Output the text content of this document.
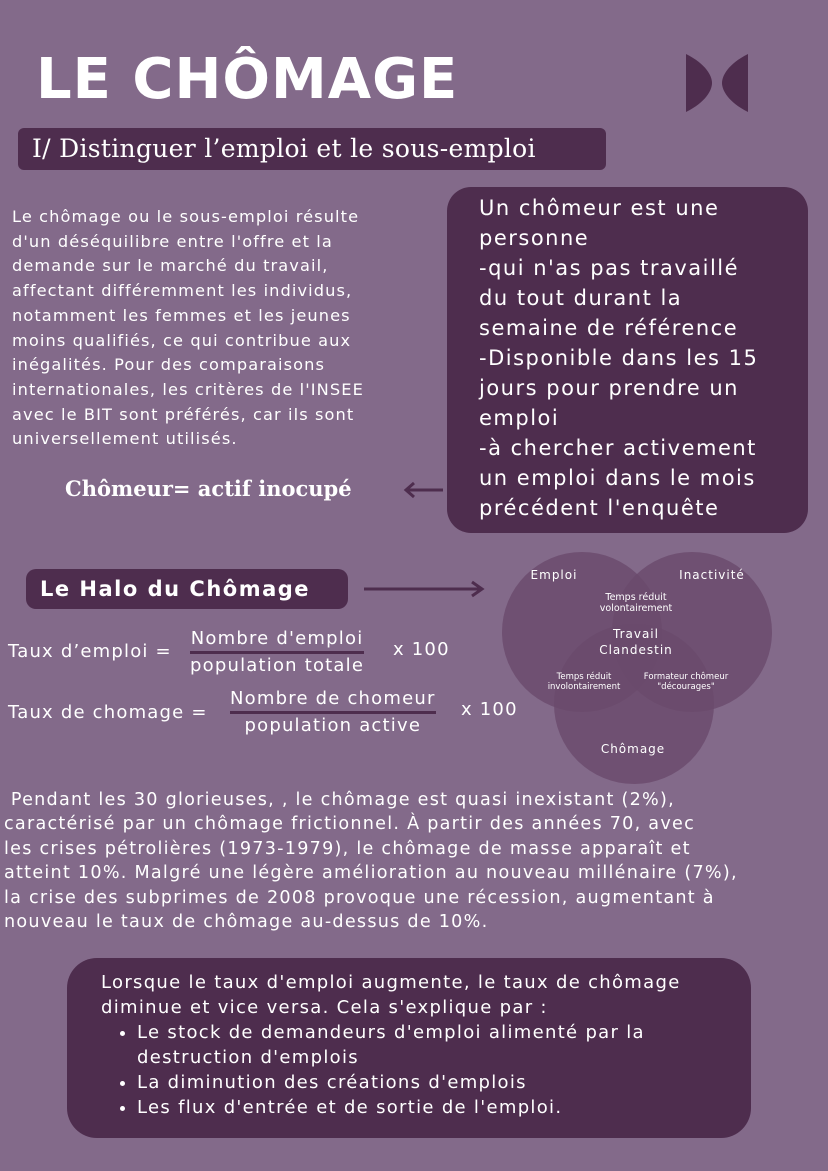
LE CHÔMAGE
I/ Distinguer l’emploi et le sous-emploi

Le chômage ou le sous-emploi résulte

d'un déséquilibre entre l'offre et la

demande sur le marché du travail,

affectant différemment les individus,

notamment les femmes et les jeunes

moins qualifiés, ce qui contribue aux

inégalités. Pour des comparaisons

internationales, les critères de l'INSEE

avec le BIT sont préférés, car ils sont

universellement utilisés.

Un chômeur est une
personne
-qui n'as pas travaillé
du tout durant la
semaine de référence
-Disponible dans les 15
jours pour prendre un
emploi
-à chercher activement
un emploi dans le mois
précédent l'enquête
Chômeur= actif inocupé
Le Halo du Chômage
Emploi	Inactivité
Temps réduit
volontairement
Travail
Clandestin
Temps réduit
involontairement
Formateur chômeur
"décourages"
Chômage
Taux d’emploi =
Nombre d'emploi
population totale
x 100
Taux de chomage =
Nombre de chomeur
population active
x 100

Pendant les 30 glorieuses, , le chômage est quasi inexistant (2%),

caractérisé par un chômage frictionnel. À partir des années 70, avec

les crises pétrolières (1973-1979), le chômage de masse apparaît et

atteint 10%. Malgré une légère amélioration au nouveau millénaire (7%),

la crise des subprimes de 2008 provoque une récession, augmentant à

nouveau le taux de chômage au-dessus de 10%.

Lorsque le taux d'emploi augmente, le taux de chômage

diminue et vice versa. Cela s'explique par :

• Le stock de demandeurs d'emploi alimenté par la destruction d'emplois
• La diminution des créations d'emplois
• Les flux d'entrée et de sortie de l'emploi.
